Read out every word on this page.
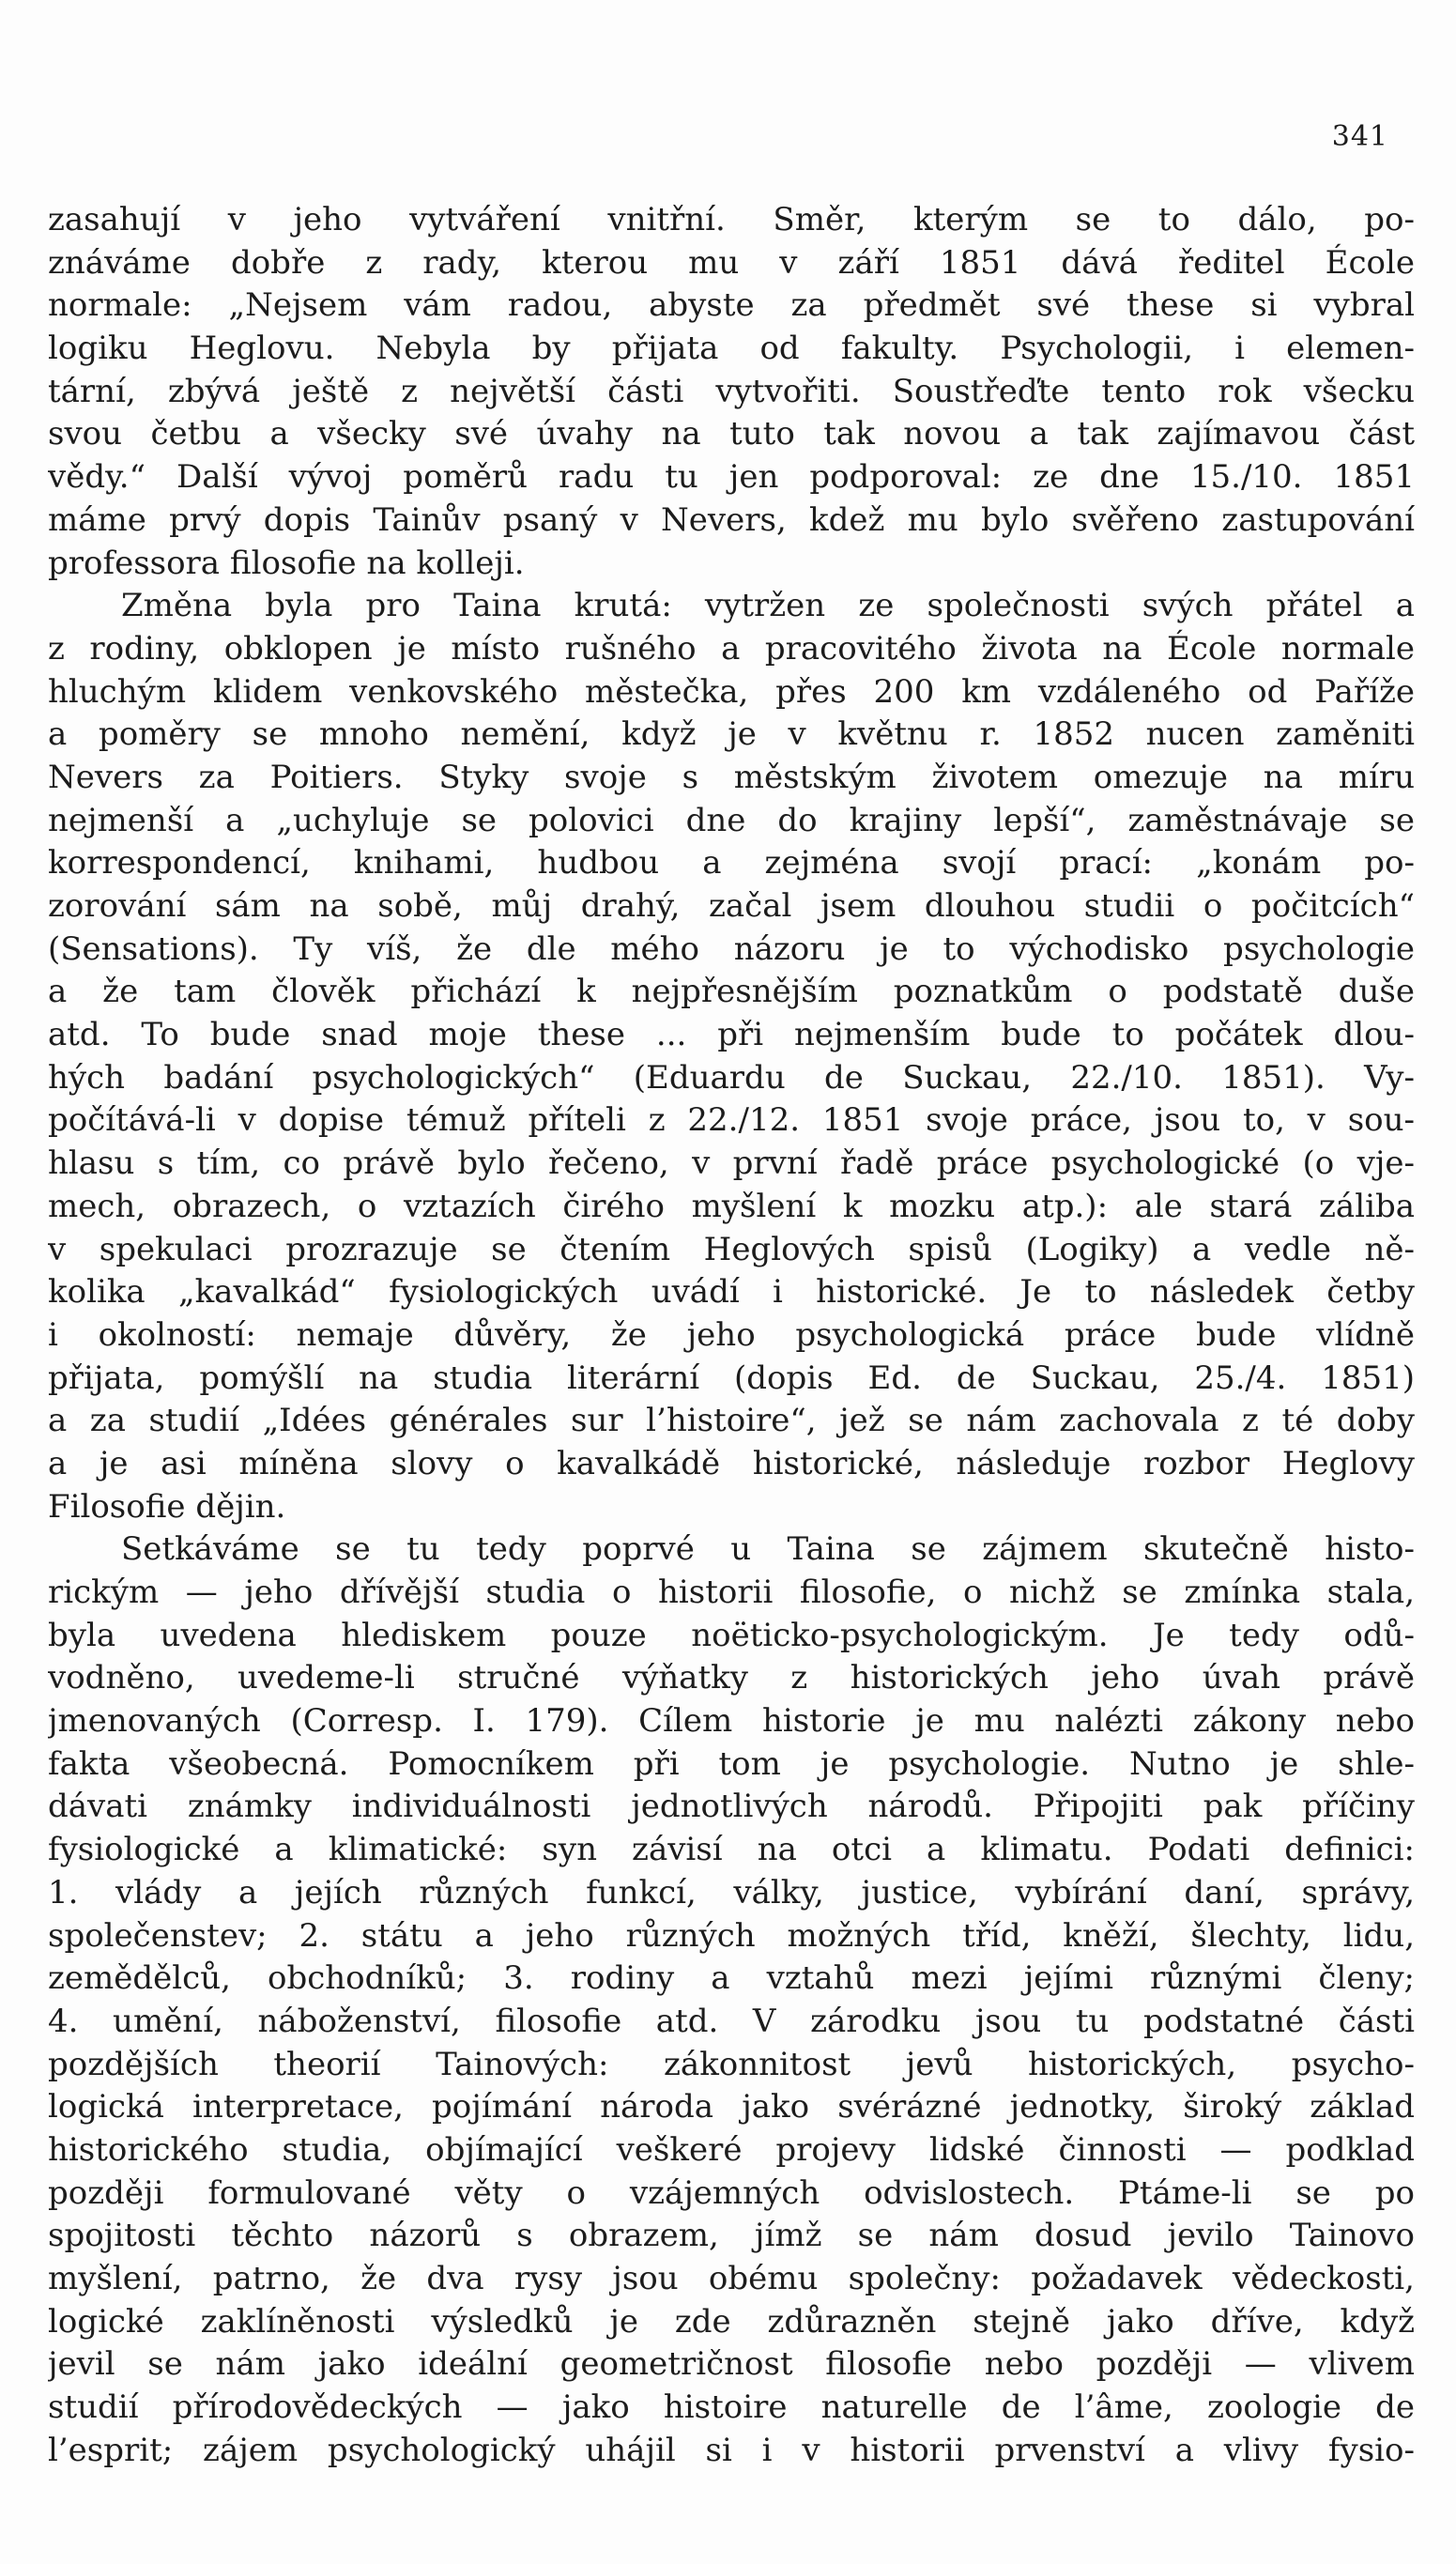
341
zasahují v jeho vytváření vnitřní. Směr, kterým se to dálo, po-
znáváme dobře z rady, kterou mu v září 1851 dává ředitel École
normale: „Nejsem vám radou, abyste za předmět své these si vybral
logiku Heglovu. Nebyla by přijata od fakulty. Psychologii, i elemen-
tární, zbývá ještě z největší části vytvořiti. Soustřeďte tento rok všecku
svou četbu a všecky své úvahy na tuto tak novou a tak zajímavou část
vědy.“ Další vývoj poměrů radu tu jen podporoval: ze dne 15./10. 1851
máme prvý dopis Tainův psaný v Nevers, kdež mu bylo svěřeno zastupování
professora filosofie na kolleji.
Změna byla pro Taina krutá: vytržen ze společnosti svých přátel a
z rodiny, obklopen je místo rušného a pracovitého života na École normale
hluchým klidem venkovského městečka, přes 200 km vzdáleného od Paříže
a poměry se mnoho nemění, když je v květnu r. 1852 nucen zaměniti
Nevers za Poitiers. Styky svoje s městským životem omezuje na míru
nejmenší a „uchyluje se polovici dne do krajiny lepší“, zaměstnávaje se
korrespondencí, knihami, hudbou a zejména svojí prací: „konám po-
zorování sám na sobě, můj drahý, začal jsem dlouhou studii o počitcích“
(Sensations). Ty víš, že dle mého názoru je to východisko psychologie
a že tam člověk přichází k nejpřesnějším poznatkům o podstatě duše
atd. To bude snad moje these ... při nejmenším bude to počátek dlou-
hých badání psychologických“ (Eduardu de Suckau, 22./10. 1851). Vy-
počítává-li v dopise témuž příteli z 22./12. 1851 svoje práce, jsou to, v sou-
hlasu s tím, co právě bylo řečeno, v první řadě práce psychologické (o vje-
mech, obrazech, o vztazích čirého myšlení k mozku atp.): ale stará záliba
v spekulaci prozrazuje se čtením Heglových spisů (Logiky) a vedle ně-
kolika „kavalkád“ fysiologických uvádí i historické. Je to následek četby
i okolností: nemaje důvěry, že jeho psychologická práce bude vlídně
přijata, pomýšlí na studia literární (dopis Ed. de Suckau, 25./4. 1851)
a za studií „Idées générales sur l’histoire“, jež se nám zachovala z té doby
a je asi míněna slovy o kavalkádě historické, následuje rozbor Heglovy
Filosofie dějin.
Setkáváme se tu tedy poprvé u Taina se zájmem skutečně histo-
rickým — jeho dřívější studia o historii filosofie, o nichž se zmínka stala,
byla uvedena hlediskem pouze noëticko-psychologickým. Je tedy odů-
vodněno, uvedeme-li stručné výňatky z historických jeho úvah právě
jmenovaných (Corresp. I. 179). Cílem historie je mu nalézti zákony nebo
fakta všeobecná. Pomocníkem při tom je psychologie. Nutno je shle-
dávati známky individuálnosti jednotlivých národů. Připojiti pak příčiny
fysiologické a klimatické: syn závisí na otci a klimatu. Podati definici:
1. vlády a jejích různých funkcí, války, justice, vybírání daní, správy,
společenstev; 2. státu a jeho různých možných tříd, kněží, šlechty, lidu,
zemědělců, obchodníků; 3. rodiny a vztahů mezi jejími různými členy;
4. umění, náboženství, filosofie atd. V zárodku jsou tu podstatné části
pozdějších theorií Tainových: zákonnitost jevů historických, psycho-
logická interpretace, pojímání národa jako svérázné jednotky, široký základ
historického studia, objímající veškeré projevy lidské činnosti — podklad
později formulované věty o vzájemných odvislostech. Ptáme-li se po
spojitosti těchto názorů s obrazem, jímž se nám dosud jevilo Tainovo
myšlení, patrno, že dva rysy jsou obému společny: požadavek vědeckosti,
logické zaklíněnosti výsledků je zde zdůrazněn stejně jako dříve, když
jevil se nám jako ideální geometričnost filosofie nebo později — vlivem
studií přírodovědeckých — jako histoire naturelle de l’âme, zoologie de
l’esprit; zájem psychologický uhájil si i v historii prvenství a vlivy fysio-
